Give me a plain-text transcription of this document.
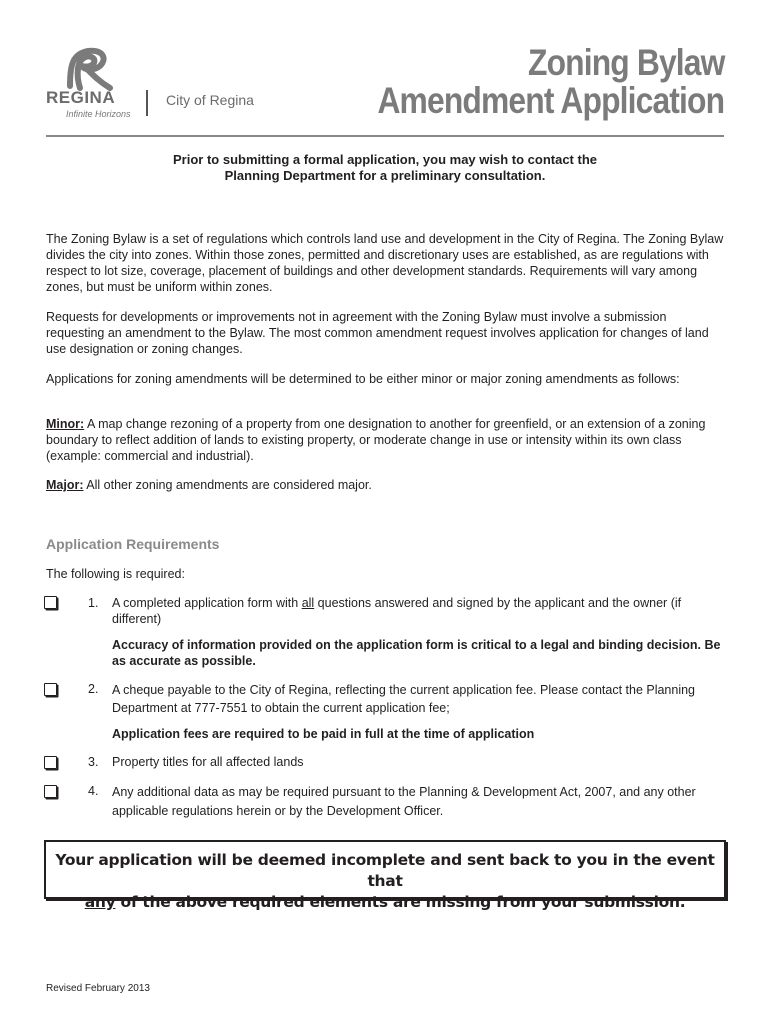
REGINA
Infinite Horizons
City of Regina
Zoning Bylaw
Amendment Application
Prior to submitting a formal application, you may wish to contact the
Planning Department for a preliminary consultation.
The Zoning Bylaw is a set of regulations which controls land use and development in the City of Regina. The Zoning Bylaw divides the city into zones. Within those zones, permitted and discretionary uses are established, as are regulations with respect to lot size, coverage, placement of buildings and other development standards. Requirements will vary among zones, but must be uniform within zones.
Requests for developments or improvements not in agreement with the Zoning Bylaw must involve a submission requesting an amendment to the Bylaw. The most common amendment request involves application for changes of land use designation or zoning changes.
Applications for zoning amendments will be determined to be either minor or major zoning amendments as follows:
Minor: A map change rezoning of a property from one designation to another for greenfield, or an extension of a zoning boundary to reflect addition of lands to existing property, or moderate change in use or intensity within its own class (example: commercial and industrial).
Major: All other zoning amendments are considered major.
Application Requirements
The following is required:
1. A completed application form with all questions answered and signed by the applicant and the owner (if different)
Accuracy of information provided on the application form is critical to a legal and binding decision. Be as accurate as possible.
2. A cheque payable to the City of Regina, reflecting the current application fee. Please contact the Planning Department at 777-7551 to obtain the current application fee;
Application fees are required to be paid in full at the time of application
3. Property titles for all affected lands
4. Any additional data as may be required pursuant to the Planning & Development Act, 2007, and any other applicable regulations herein or by the Development Officer.
Your application will be deemed incomplete and sent back to you in the event that
any of the above required elements are missing from your submission.
Revised February 2013
